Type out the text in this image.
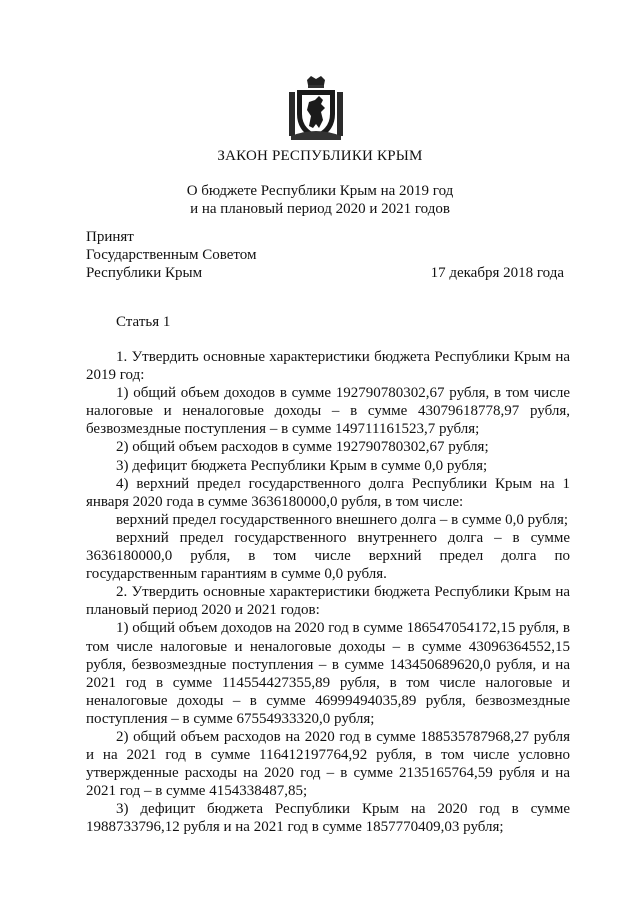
ЗАКОН РЕСПУБЛИКИ КРЫМ
О бюджете Республики Крым на 2019 год
и на плановый период 2020 и 2021 годов
Принят
Государственным Советом
Республики Крым	17 декабря 2018 года
Статья 1

1. Утвердить основные характеристики бюджета Республики Крым на 2019 год:

1) общий объем доходов в сумме 192790780302,67 рубля, в том числе налоговые и неналоговые доходы – в сумме 43079618778,97 рубля, безвозмездные поступления – в сумме 149711161523,7 рубля;

2) общий объем расходов в сумме 192790780302,67 рубля;

3) дефицит бюджета Республики Крым в сумме 0,0 рубля;

4) верхний предел государственного долга Республики Крым на 1 января 2020 года в сумме 3636180000,0 рубля, в том числе:

верхний предел государственного внешнего долга – в сумме 0,0 рубля;

верхний предел государственного внутреннего долга – в сумме 3636180000,0 рубля, в том числе верхний предел долга по государственным гарантиям в сумме 0,0 рубля.

2. Утвердить основные характеристики бюджета Республики Крым на плановый период 2020 и 2021 годов:

1) общий объем доходов на 2020 год в сумме 186547054172,15 рубля, в том числе налоговые и неналоговые доходы – в сумме 43096364552,15 рубля, безвозмездные поступления – в сумме 143450689620,0 рубля, и на 2021 год в сумме 114554427355,89 рубля, в том числе налоговые и неналоговые доходы – в сумме 46999494035,89 рубля, безвозмездные поступления – в сумме 67554933320,0 рубля;

2) общий объем расходов на 2020 год в сумме 188535787968,27 рубля и на 2021 год в сумме 116412197764,92 рубля, в том числе условно утвержденные расходы на 2020 год – в сумме 2135165764,59 рубля и на 2021 год – в сумме 4154338487,85;

3) дефицит бюджета Республики Крым на 2020 год в сумме 1988733796,12 рубля и на 2021 год в сумме 1857770409,03 рубля;
